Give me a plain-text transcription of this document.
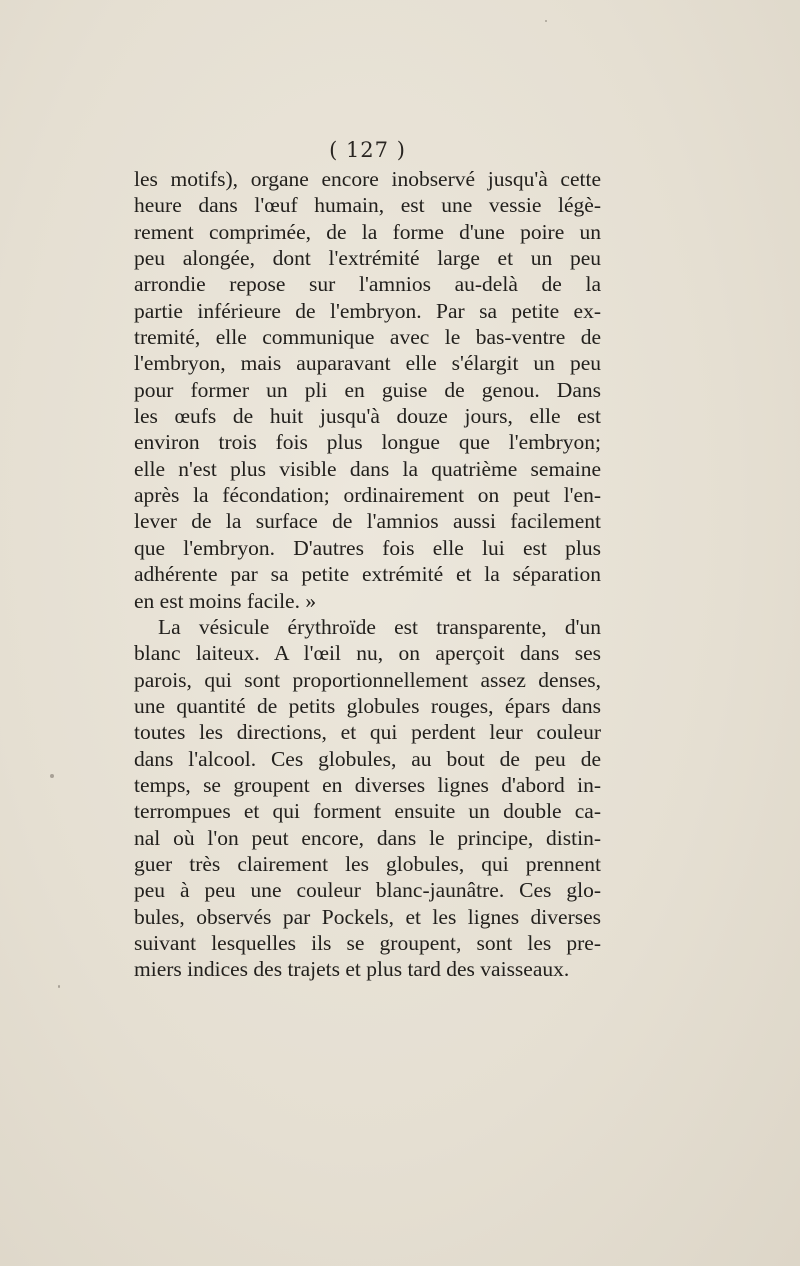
( 127 )
les motifs), organe encore inobservé jusqu'à cette
heure dans l'œuf humain, est une vessie légè-
rement comprimée, de la forme d'une poire un
peu alongée, dont l'extrémité large et un peu
arrondie repose sur l'amnios au-delà de la
partie inférieure de l'embryon. Par sa petite ex-
tremité, elle communique avec le bas-ventre de
l'embryon, mais auparavant elle s'élargit un peu
pour former un pli en guise de genou. Dans
les œufs de huit jusqu'à douze jours, elle est
environ trois fois plus longue que l'embryon;
elle n'est plus visible dans la quatrième semaine
après la fécondation; ordinairement on peut l'en-
lever de la surface de l'amnios aussi facilement
que l'embryon. D'autres fois elle lui est plus
adhérente par sa petite extrémité et la séparation
en est moins facile. »
La vésicule érythroïde est transparente, d'un
blanc laiteux. A l'œil nu, on aperçoit dans ses
parois, qui sont proportionnellement assez denses,
une quantité de petits globules rouges, épars dans
toutes les directions, et qui perdent leur couleur
dans l'alcool. Ces globules, au bout de peu de
temps, se groupent en diverses lignes d'abord in-
terrompues et qui forment ensuite un double ca-
nal où l'on peut encore, dans le principe, distin-
guer très clairement les globules, qui prennent
peu à peu une couleur blanc-jaunâtre. Ces glo-
bules, observés par Pockels, et les lignes diverses
suivant lesquelles ils se groupent, sont les pre-
miers indices des trajets et plus tard des vaisseaux.
